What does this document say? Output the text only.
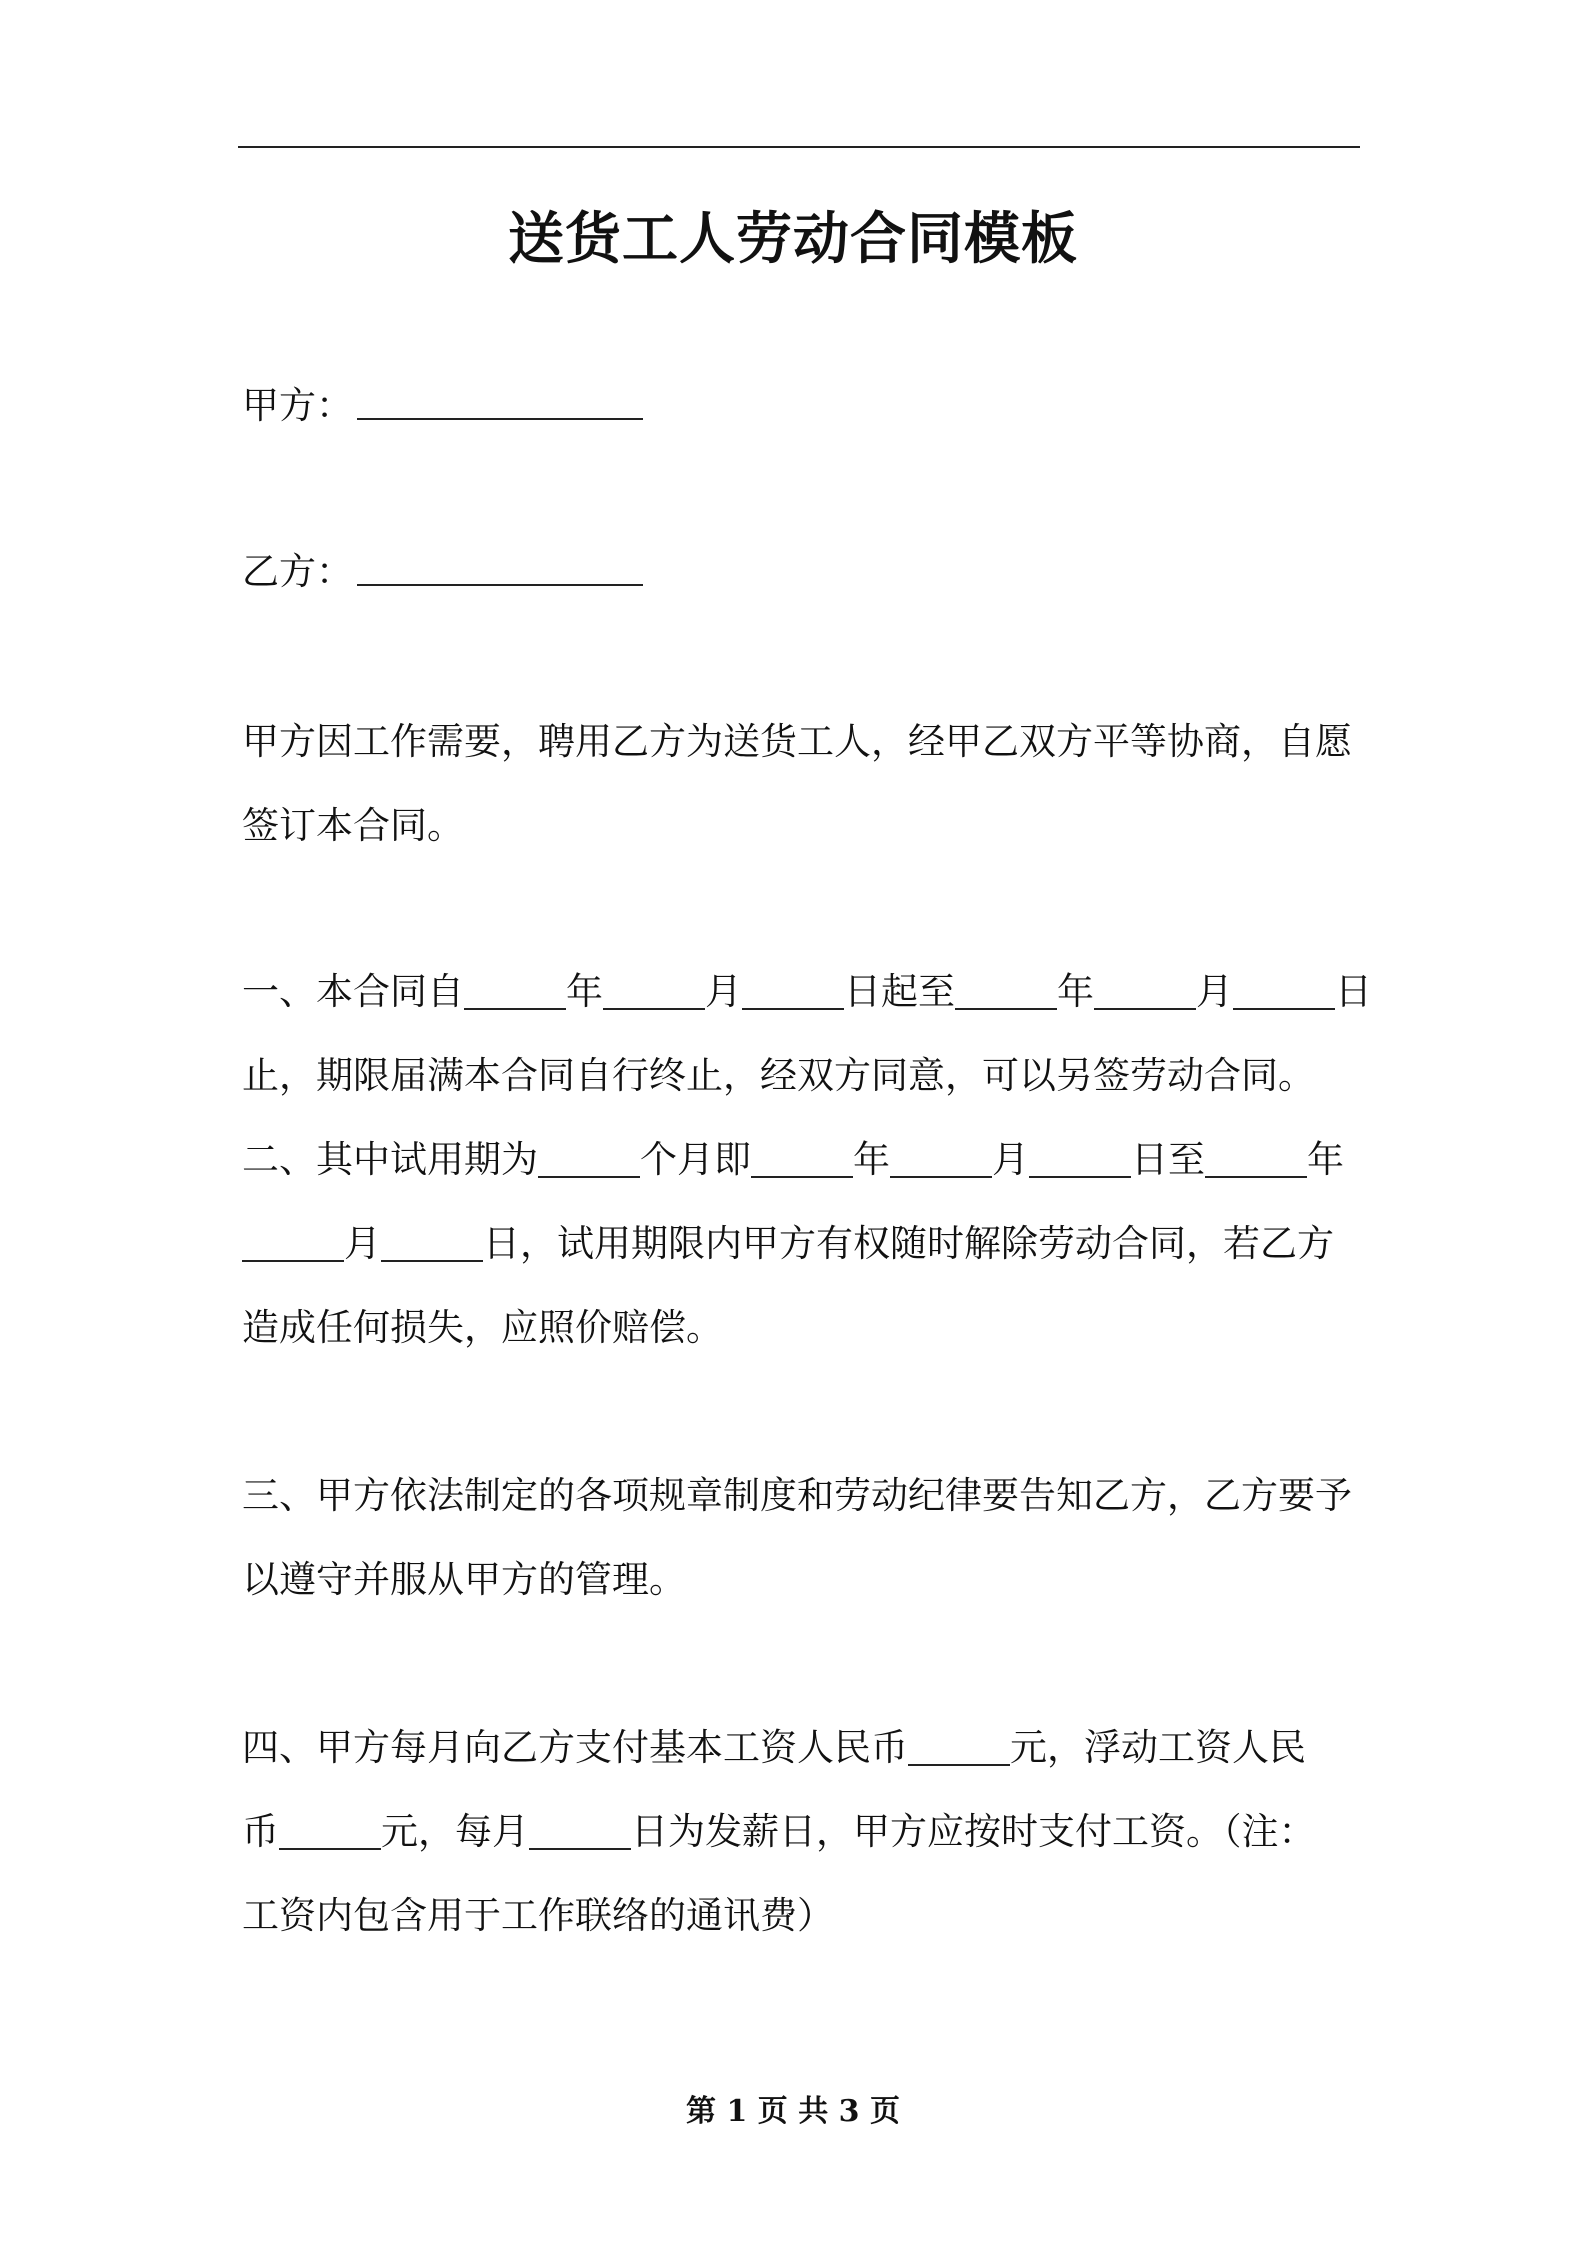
送货工人劳动合同模板
甲方：
乙方：
甲方因工作需要，聘用乙方为送货工人，经甲乙双方平等协商，自愿
签订本合同。
一、本合同自	年	月	日起至	年	月	日
止，期限届满本合同自行终止，经双方同意，可以另签劳动合同。
二、其中试用期为	个月即	年	月	日至	年
月	日，试用期限内甲方有权随时解除劳动合同，若乙方
造成任何损失，应照价赔偿。
三、甲方依法制定的各项规章制度和劳动纪律要告知乙方，乙方要予
以遵守并服从甲方的管理。
四、甲方每月向乙方支付基本工资人民币	元，浮动工资人民
币	元，每月	日为发薪日，甲方应按时支付工资。（注：
工资内包含用于工作联络的通讯费）
第 1 页 共 3 页
